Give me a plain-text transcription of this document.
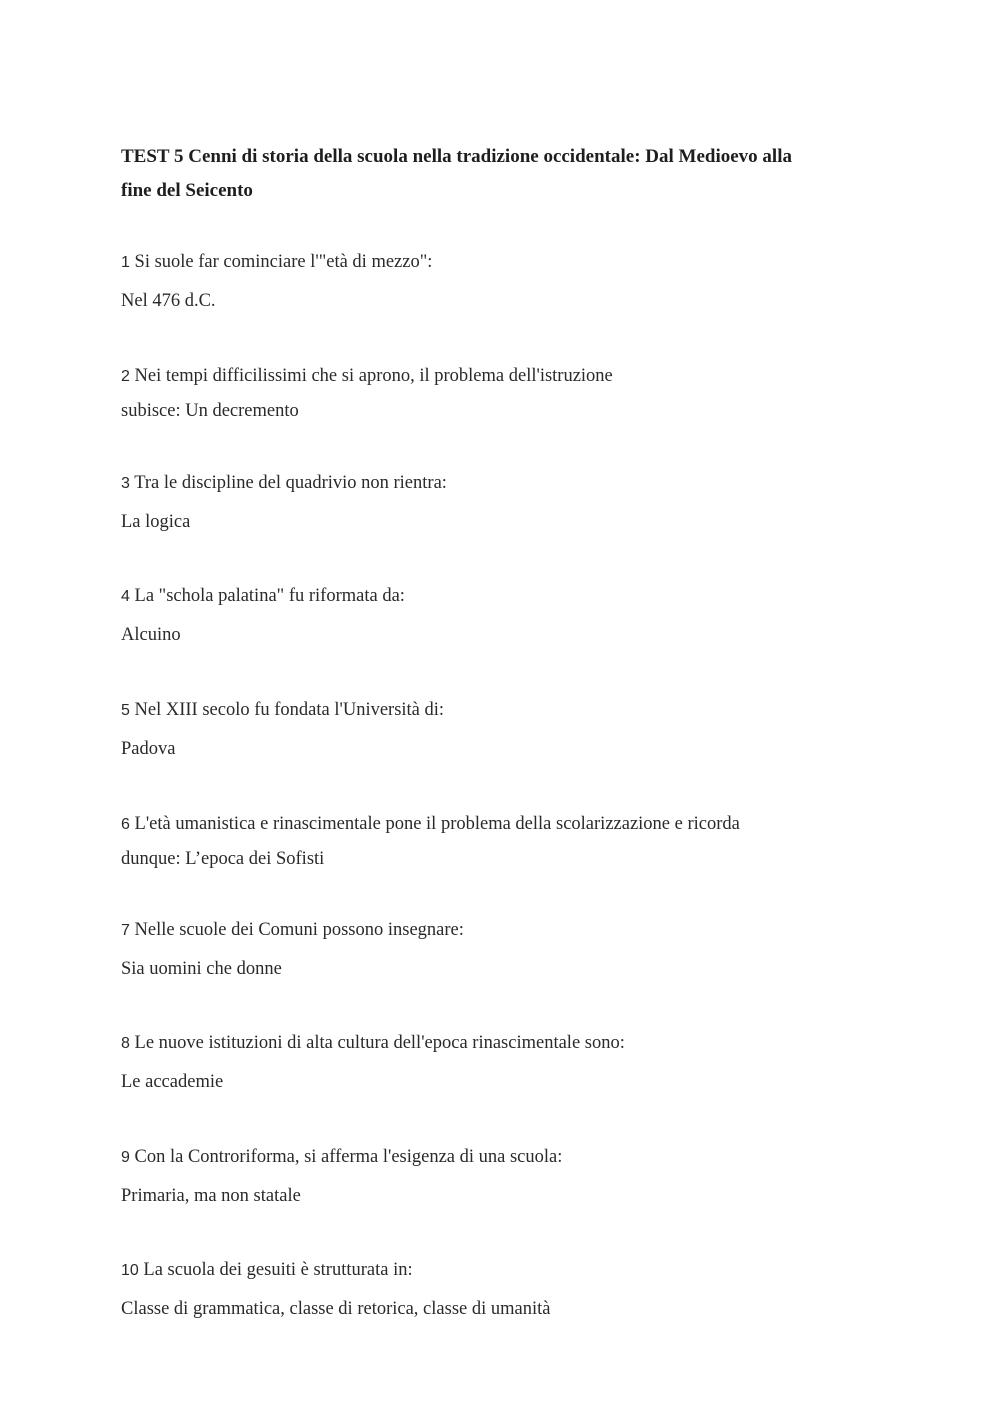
TEST 5 Cenni di storia della scuola nella tradizione occidentale: Dal Medioevo alla
fine del Seicento

1 Si suole far cominciare l'"età di mezzo":

Nel 476 d.C.

2 Nei tempi difficilissimi che si aprono, il problema dell'istruzione

subisce: Un decremento

3 Tra le discipline del quadrivio non rientra:

La logica

4 La "schola palatina" fu riformata da:

Alcuino

5 Nel XIII secolo fu fondata l'Università di:

Padova

6 L'età umanistica e rinascimentale pone il problema della scolarizzazione e ricorda

dunque: L’epoca dei Sofisti

7 Nelle scuole dei Comuni possono insegnare:

Sia uomini che donne

8 Le nuove istituzioni di alta cultura dell'epoca rinascimentale sono:

Le accademie

9 Con la Controriforma, si afferma l'esigenza di una scuola:

Primaria, ma non statale

10 La scuola dei gesuiti è strutturata in:

Classe di grammatica, classe di retorica, classe di umanità
